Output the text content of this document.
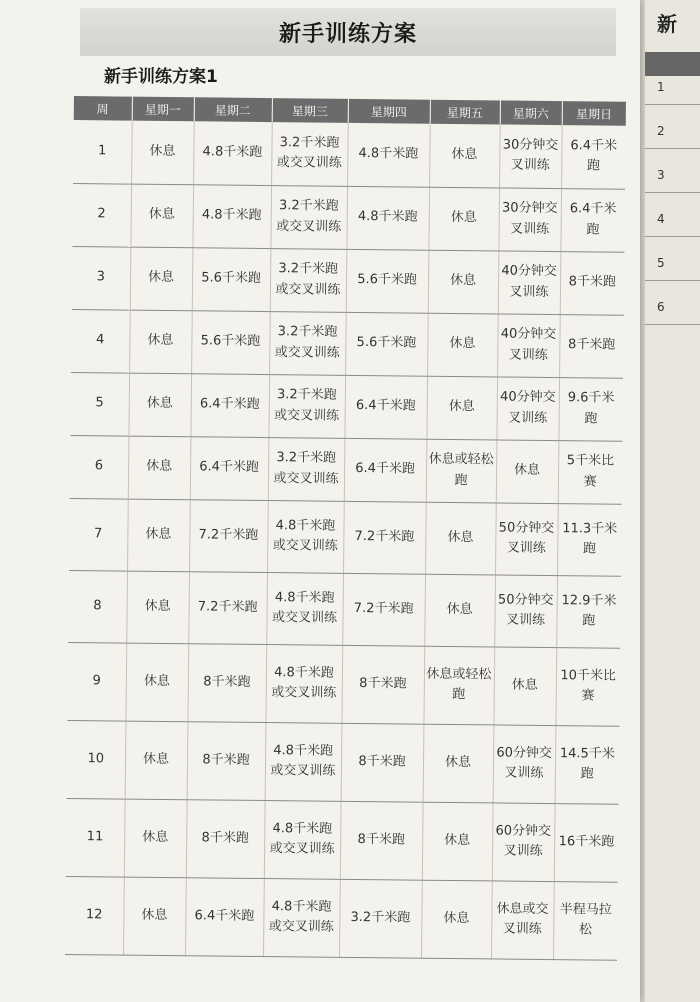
新手训练方案
新手训练方案1
周	星期一	星期二	星期三	星期四	星期五	星期六	星期日
1	休息	4.8千米跑	3.2千米跑或交叉训练	4.8千米跑	休息	30分钟交叉训练	6.4千米跑
2	休息	4.8千米跑	3.2千米跑或交叉训练	4.8千米跑	休息	30分钟交叉训练	6.4千米跑
3	休息	5.6千米跑	3.2千米跑或交叉训练	5.6千米跑	休息	40分钟交叉训练	8千米跑
4	休息	5.6千米跑	3.2千米跑或交叉训练	5.6千米跑	休息	40分钟交叉训练	8千米跑
5	休息	6.4千米跑	3.2千米跑或交叉训练	6.4千米跑	休息	40分钟交叉训练	9.6千米跑
6	休息	6.4千米跑	3.2千米跑或交叉训练	6.4千米跑	休息或轻松跑	休息	5千米比赛
7	休息	7.2千米跑	4.8千米跑或交叉训练	7.2千米跑	休息	50分钟交叉训练	11.3千米跑
8	休息	7.2千米跑	4.8千米跑或交叉训练	7.2千米跑	休息	50分钟交叉训练	12.9千米跑
9	休息	8千米跑	4.8千米跑或交叉训练	8千米跑	休息或轻松跑	休息	10千米比赛
10	休息	8千米跑	4.8千米跑或交叉训练	8千米跑	休息	60分钟交叉训练	14.5千米跑
11	休息	8千米跑	4.8千米跑或交叉训练	8千米跑	休息	60分钟交叉训练	16千米跑
12	休息	6.4千米跑	4.8千米跑或交叉训练	3.2千米跑	休息	休息或交叉训练	半程马拉松
新
1
2
3
4
5
6
